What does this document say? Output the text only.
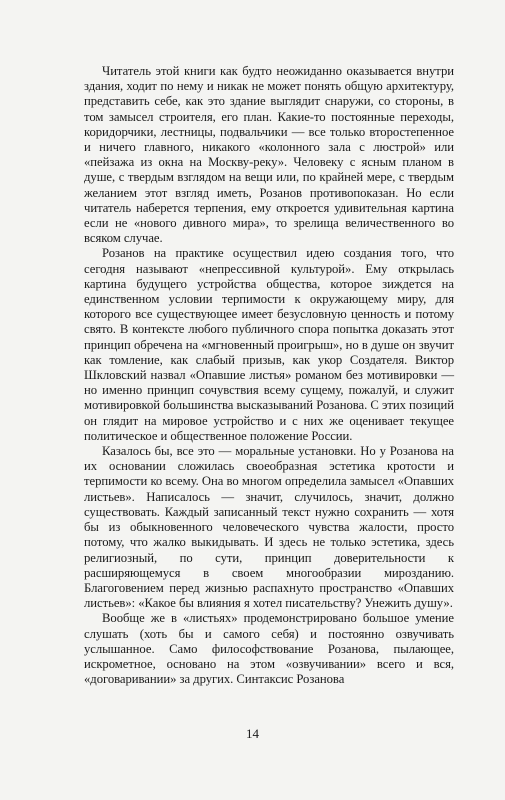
Читатель этой книги как будто неожиданно оказывается внутри здания, ходит по нему и никак не может понять общую архитектуру, представить себе, как это здание выглядит снаружи, со стороны, в том замысел строителя, его план. Какие-то постоянные переходы, коридорчики, лестницы, подвальчики — все только второстепенное и ничего главного, никакого «колонного зала с люстрой» или «пейзажа из окна на Москву-реку». Человеку с ясным планом в душе, с твердым взглядом на вещи или, по крайней мере, с твердым желанием этот взгляд иметь, Розанов противопоказан. Но если читатель наберется терпения, ему откроется удивительная картина если не «нового дивного мира», то зрелища величественного во всяком случае.

Розанов на практике осуществил идею создания того, что сегодня называют «непрессивной культурой». Ему открылась картина будущего устройства общества, которое зиждется на единственном условии терпимости к окружающему миру, для которого все существующее имеет безусловную ценность и потому свято. В контексте любого публичного спора попытка доказать этот принцип обречена на «мгновенный проигрыш», но в душе он звучит как томление, как слабый призыв, как укор Создателя. Виктор Шкловский назвал «Опавшие листья» романом без мотивировки — но именно принцип сочувствия всему сущему, пожалуй, и служит мотивировкой большинства высказываний Розанова. С этих позиций он глядит на мировое устройство и с них же оценивает текущее политическое и общественное положение России.

Казалось бы, все это — моральные установки. Но у Розанова на их основании сложилась своеобразная эстетика кротости и терпимости ко всему. Она во многом определила замысел «Опавших листьев». Написалось — значит, случилось, значит, должно существовать. Каждый записанный текст нужно сохранить — хотя бы из обыкновенного человеческого чувства жалости, просто потому, что жалко выкидывать. И здесь не только эстетика, здесь религиозный, по сути, принцип доверительности к расширяющемуся в своем многообразии мирозданию. Благоговением перед жизнью распахнуто пространство «Опавших листьев»: «Какое бы влияния я хотел писательству? Унежить душу».

Вообще же в «листьях» продемонстрировано большое умение слушать (хоть бы и самого себя) и постоянно озвучивать услышанное. Само философствование Розанова, пылающее, искрометное, основано на этом «озвучивании» всего и вся, «договаривании» за других. Синтаксис Розанова

14
